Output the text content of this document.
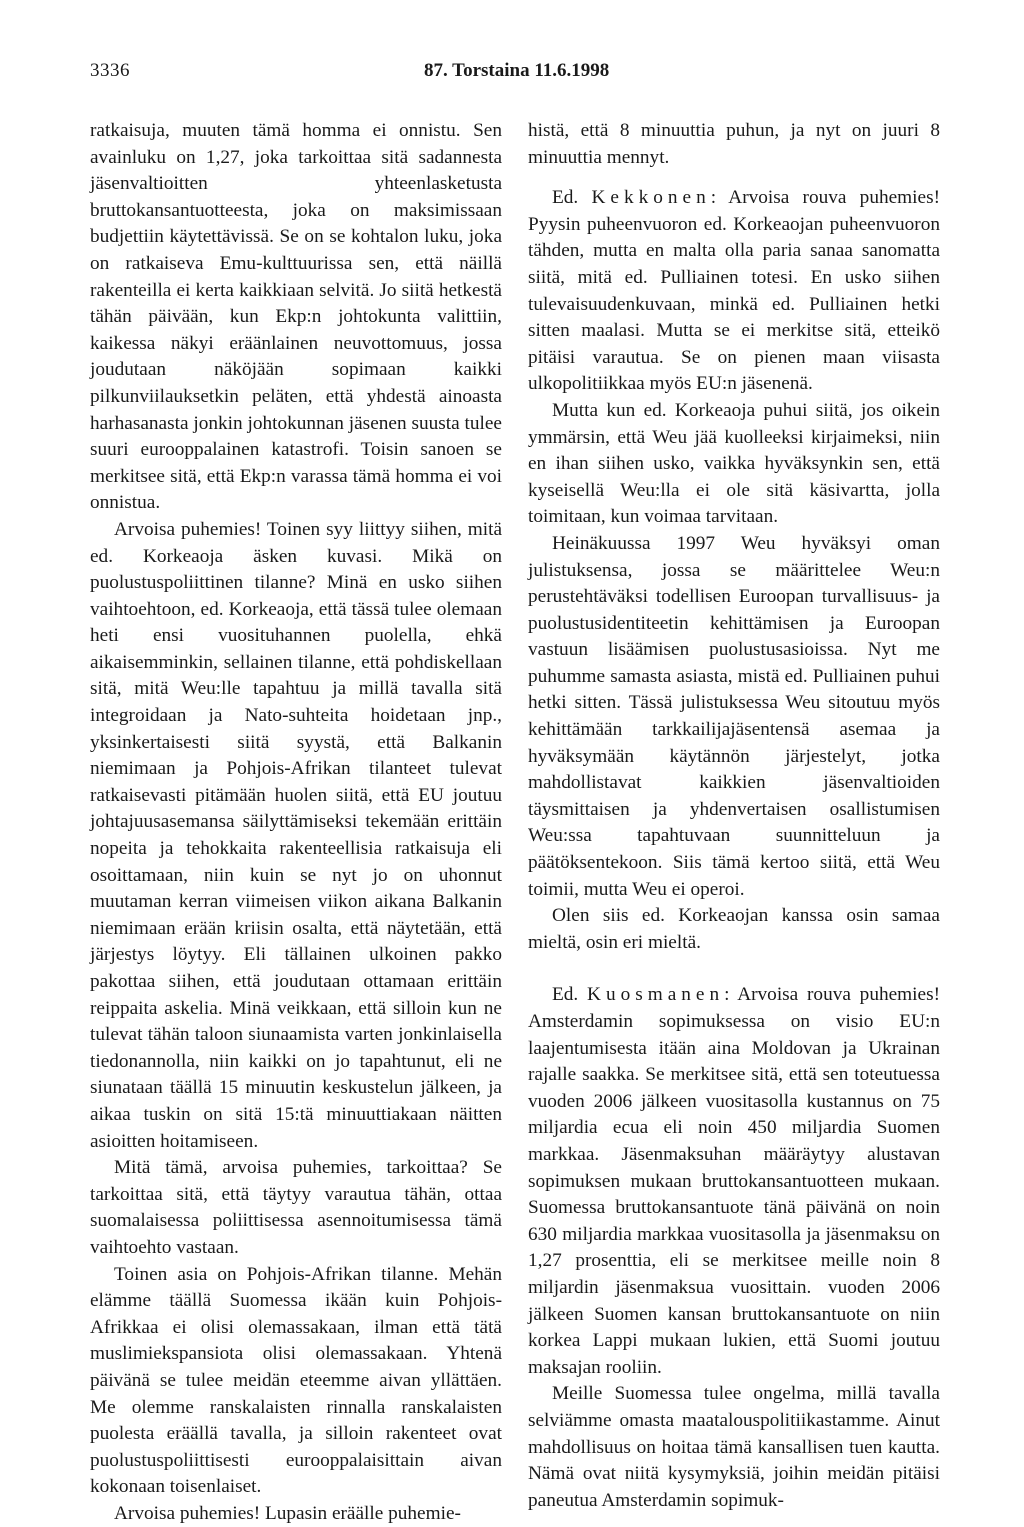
3336	87. Torstaina 11.6.1998

ratkaisuja, muuten tämä homma ei onnistu. Sen avainluku on 1,27, joka tarkoittaa sitä sadannesta jäsenvaltioitten yhteenlasketusta bruttokansantuotteesta, joka on maksimissaan budjettiin käytettävissä. Se on se kohtalon luku, joka on ratkaiseva Emu-kulttuurissa sen, että näillä rakenteilla ei kerta kaikkiaan selvitä. Jo siitä hetkestä tähän päivään, kun Ekp:n johtokunta valittiin, kaikessa näkyi eräänlainen neuvottomuus, jossa joudutaan näköjään sopimaan kaikki pilkunviilauksetkin peläten, että yhdestä ainoasta harhasanasta jonkin johtokunnan jäsenen suusta tulee suuri eurooppalainen katastrofi. Toisin sanoen se merkitsee sitä, että Ekp:n varassa tämä homma ei voi onnistua.

Arvoisa puhemies! Toinen syy liittyy siihen, mitä ed. Korkeaoja äsken kuvasi. Mikä on puolustuspoliittinen tilanne? Minä en usko siihen vaihtoehtoon, ed. Korkeaoja, että tässä tulee olemaan heti ensi vuosituhannen puolella, ehkä aikaisemminkin, sellainen tilanne, että pohdiskellaan sitä, mitä Weu:lle tapahtuu ja millä tavalla sitä integroidaan ja Nato-suhteita hoidetaan jnp., yksinkertaisesti siitä syystä, että Balkanin niemimaan ja Pohjois-Afrikan tilanteet tulevat ratkaisevasti pitämään huolen siitä, että EU joutuu johtajuusasemansa säilyttämiseksi tekemään erittäin nopeita ja tehokkaita rakenteellisia ratkaisuja eli osoittamaan, niin kuin se nyt jo on uhonnut muutaman kerran viimeisen viikon aikana Balkanin niemimaan erään kriisin osalta, että näytetään, että järjestys löytyy. Eli tällainen ulkoinen pakko pakottaa siihen, että joudutaan ottamaan erittäin reippaita askelia. Minä veikkaan, että silloin kun ne tulevat tähän taloon siunaamista varten jonkinlaisella tiedonannolla, niin kaikki on jo tapahtunut, eli ne siunataan täällä 15 minuutin keskustelun jälkeen, ja aikaa tuskin on sitä 15:tä minuuttiakaan näitten asioitten hoitamiseen.

Mitä tämä, arvoisa puhemies, tarkoittaa? Se tarkoittaa sitä, että täytyy varautua tähän, ottaa suomalaisessa poliittisessa asennoitumisessa tämä vaihtoehto vastaan.

Toinen asia on Pohjois-Afrikan tilanne. Mehän elämme täällä Suomessa ikään kuin Pohjois-Afrikkaa ei olisi olemassakaan, ilman että tätä muslimiekspansiota olisi olemassakaan. Yhtenä päivänä se tulee meidän eteemme aivan yllättäen. Me olemme ranskalaisten rinnalla ranskalaisten puolesta eräällä tavalla, ja silloin rakenteet ovat puolustuspoliittisesti eurooppalaisittain aivan kokonaan toisenlaiset.

Arvoisa puhemies! Lupasin eräälle puhemie-

histä, että 8 minuuttia puhun, ja nyt on juuri 8 minuuttia mennyt.

Ed. Kekkonen: Arvoisa rouva puhemies! Pyysin puheenvuoron ed. Korkeaojan puheenvuoron tähden, mutta en malta olla paria sanaa sanomatta siitä, mitä ed. Pulliainen totesi. En usko siihen tulevaisuudenkuvaan, minkä ed. Pulliainen hetki sitten maalasi. Mutta se ei merkitse sitä, etteikö pitäisi varautua. Se on pienen maan viisasta ulkopolitiikkaa myös EU:n jäsenenä.

Mutta kun ed. Korkeaoja puhui siitä, jos oikein ymmärsin, että Weu jää kuolleeksi kirjaimeksi, niin en ihan siihen usko, vaikka hyväksynkin sen, että kyseisellä Weu:lla ei ole sitä käsivartta, jolla toimitaan, kun voimaa tarvitaan.

Heinäkuussa 1997 Weu hyväksyi oman julistuksensa, jossa se määrittelee Weu:n perustehtäväksi todellisen Euroopan turvallisuus- ja puolustusidentiteetin kehittämisen ja Euroopan vastuun lisäämisen puolustusasioissa. Nyt me puhumme samasta asiasta, mistä ed. Pulliainen puhui hetki sitten. Tässä julistuksessa Weu sitoutuu myös kehittämään tarkkailijajäsentensä asemaa ja hyväksymään käytännön järjestelyt, jotka mahdollistavat kaikkien jäsenvaltioiden täysmittaisen ja yhdenvertaisen osallistumisen Weu:ssa tapahtuvaan suunnitteluun ja päätöksentekoon. Siis tämä kertoo siitä, että Weu toimii, mutta Weu ei operoi.

Olen siis ed. Korkeaojan kanssa osin samaa mieltä, osin eri mieltä.

Ed. Kuosmanen: Arvoisa rouva puhemies! Amsterdamin sopimuksessa on visio EU:n laajentumisesta itään aina Moldovan ja Ukrainan rajalle saakka. Se merkitsee sitä, että sen toteutuessa vuoden 2006 jälkeen vuositasolla kustannus on 75 miljardia ecua eli noin 450 miljardia Suomen markkaa. Jäsenmaksuhan määräytyy alustavan sopimuksen mukaan bruttokansantuotteen mukaan. Suomessa bruttokansantuote tänä päivänä on noin 630 miljardia markkaa vuositasolla ja jäsenmaksu on 1,27 prosenttia, eli se merkitsee meille noin 8 miljardin jäsenmaksua vuosittain. vuoden 2006 jälkeen Suomen kansan bruttokansantuote on niin korkea Lappi mukaan lukien, että Suomi joutuu maksajan rooliin.

Meille Suomessa tulee ongelma, millä tavalla selviämme omasta maatalouspolitiikastamme. Ainut mahdollisuus on hoitaa tämä kansallisen tuen kautta. Nämä ovat niitä kysymyksiä, joihin meidän pitäisi paneutua Amsterdamin sopimuk-
